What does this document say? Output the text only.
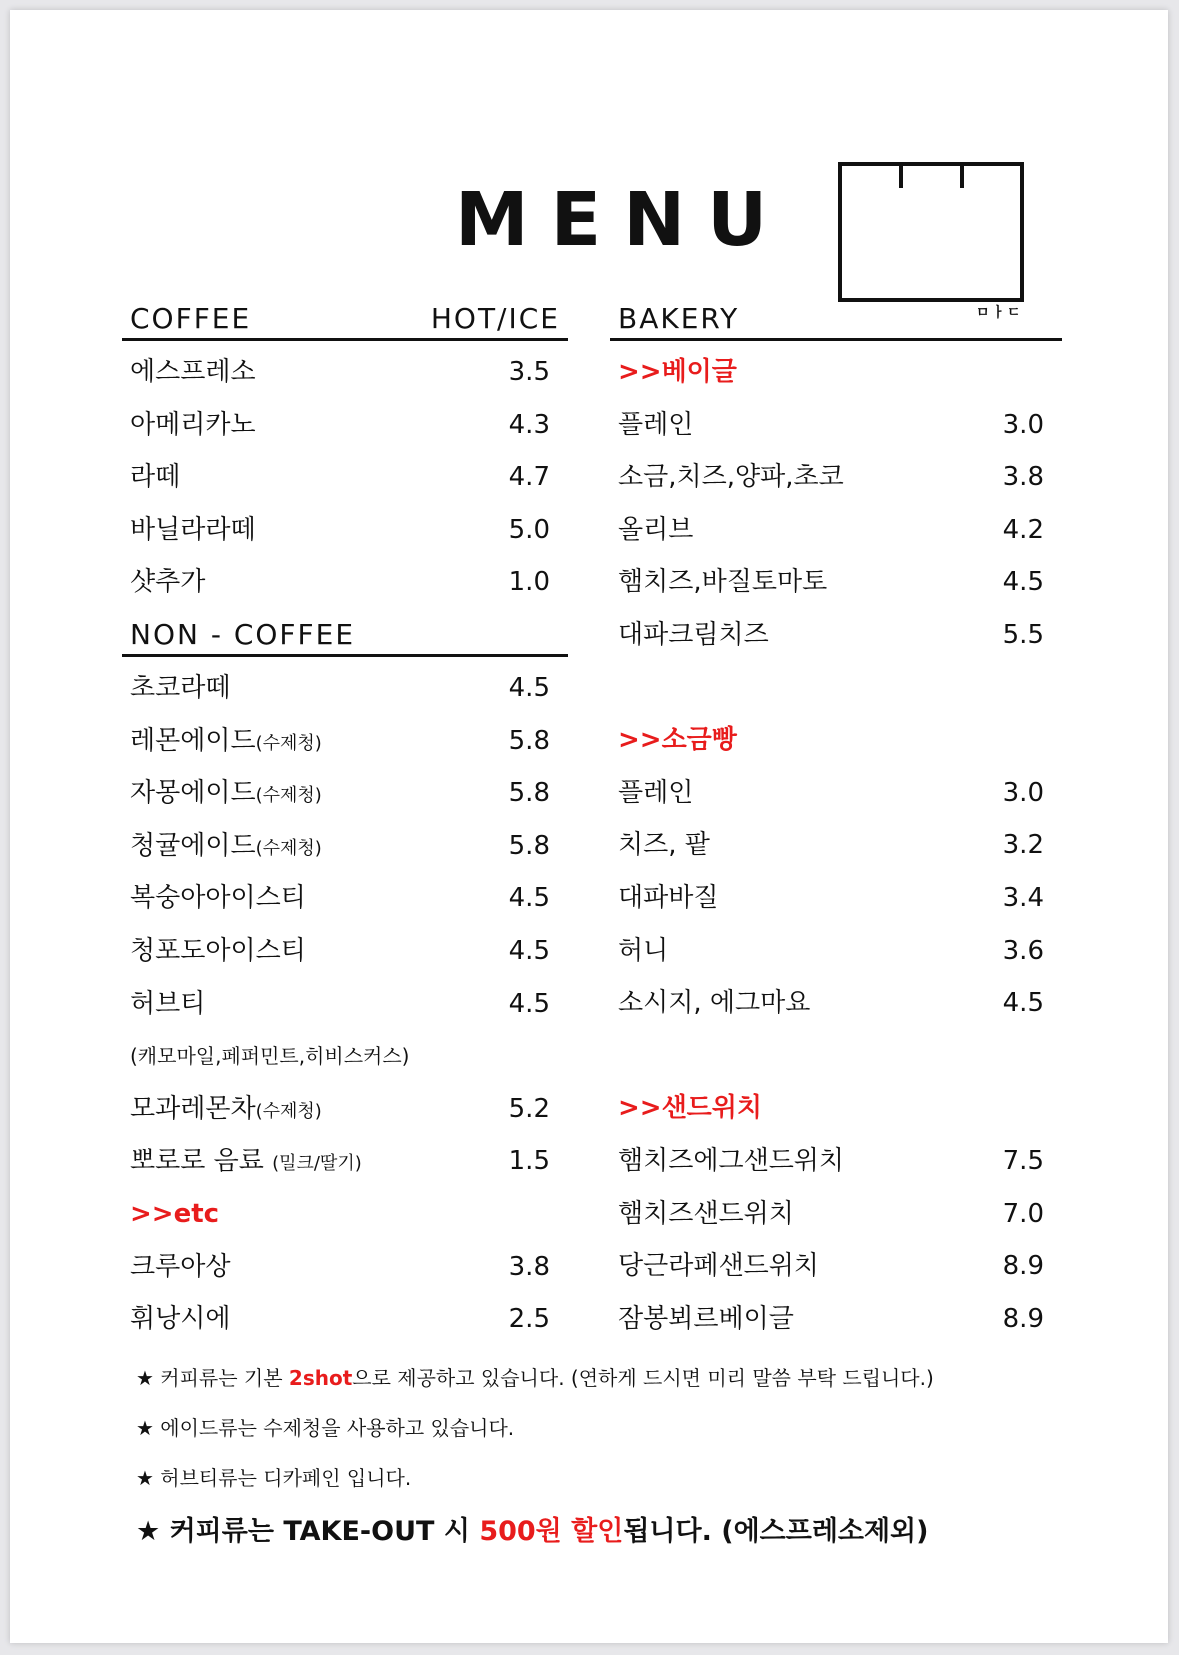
MENU
ㅁㅏㄷ
COFFEE	HOT/ICE
에스프레소	3.5
아메리카노	4.3
라떼	4.7
바닐라라떼	5.0
샷추가	1.0
NON - COFFEE
초코라떼	4.5
레몬에이드(수제청)	5.8
자몽에이드(수제청)	5.8
청귤에이드(수제청)	5.8
복숭아아이스티	4.5
청포도아이스티	4.5
허브티	4.5
(캐모마일,페퍼민트,히비스커스)
모과레몬차(수제청)	5.2
뽀로로 음료 (밀크/딸기)	1.5
>>etc
크루아상	3.8
휘낭시에	2.5
BAKERY
>>베이글
플레인	3.0
소금,치즈,양파,초코	3.8
올리브	4.2
햄치즈,바질토마토	4.5
대파크림치즈	5.5
>>소금빵
플레인	3.0
치즈, 팥	3.2
대파바질	3.4
허니	3.6
소시지, 에그마요	4.5
>>샌드위치
햄치즈에그샌드위치	7.5
햄치즈샌드위치	7.0
당근라페샌드위치	8.9
잠봉뵈르베이글	8.9
★ 커피류는 기본 2shot으로 제공하고 있습니다. (연하게 드시면 미리 말씀 부탁 드립니다.)
★ 에이드류는 수제청을 사용하고 있습니다.
★ 허브티류는 디카페인 입니다.
★ 커피류는 TAKE-OUT 시 500원 할인됩니다. (에스프레소제외)
